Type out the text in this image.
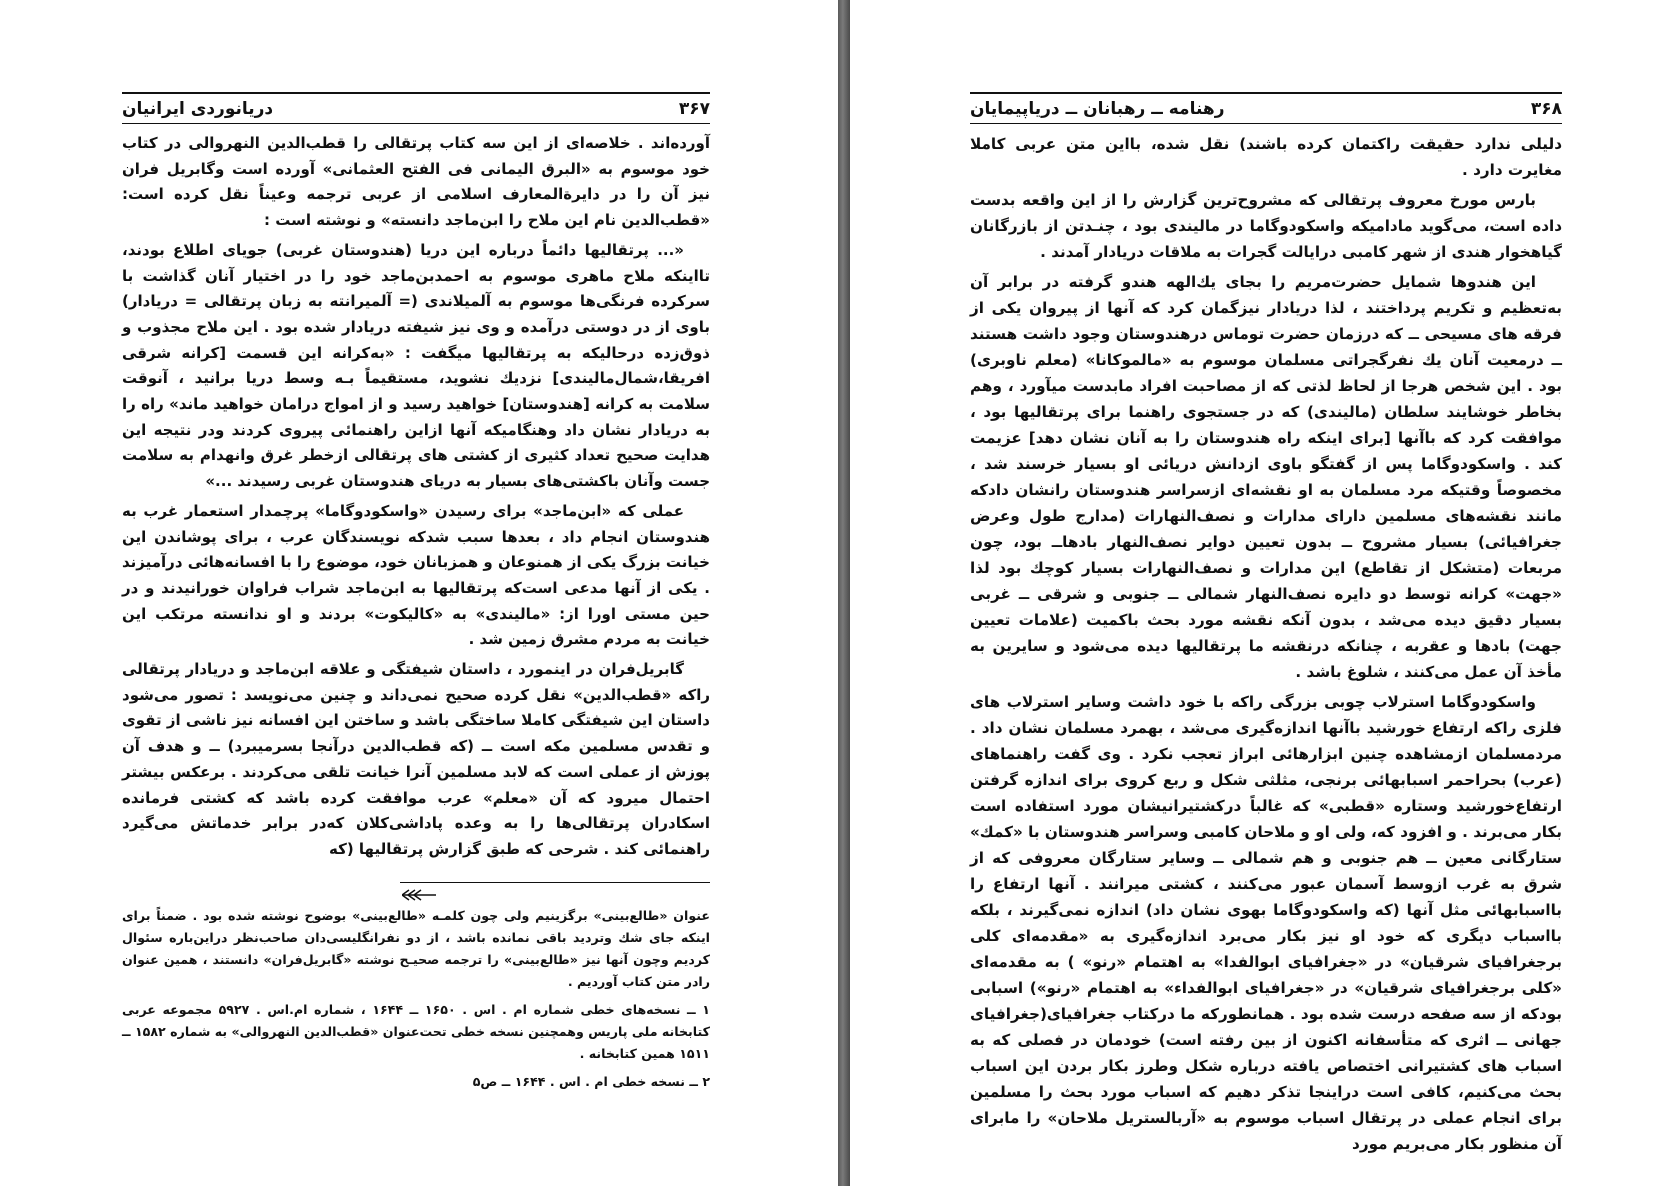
دریانوردی ایرانیان	۳۶۷

آورده‌اند . خلاصه‌ای از این سه کتاب پرتقالی را قطب‌الدین النهروالی در کتاب خود موسوم به «البرق الیمانی فی الفتح العثمانی» آورده است وگابریل فران نیز آن را در دایرةالمعارف اسلامی از عربی ترجمه وعیناً نقل کرده است: «قطب‌الدین نام این ملاح را ابن‌ماجد دانسته» و نوشته است :

«... پرتقالیها دائماً درباره این دریا (هندوستان غربی) جویای اطلاع بودند، تااینکه ملاح ماهری موسوم به احمدبن‌ماجد خود را در اختیار آنان گذاشت با سرکرده فرنگی‌ها موسوم به آلمیلاندی (= آلمیرانته به زبان پرتقالی = دریادار) باوی از در دوستی درآمده و وی نیز شیفته دریادار شده بود . این ملاح مجذوب و ذوق‌زده درحالیکه به پرتقالیها میگفت : «به‌کرانه این قسمت [کرانه شرقی افریقا،شمال‌مالیندی] نزدیك نشوید، مستقیماً بـه وسط دریا برانید ، آنوقت سلامت به کرانه [هندوستان] خواهید رسید و از امواج درامان خواهید ماند» راه را به دریادار نشان داد وهنگامیکه آنها ازاین راهنمائی پیروی کردند ودر نتیجه این هدایت صحیح تعداد کثیری از کشتی های پرتقالی ازخطر غرق وانهدام به سلامت جست وآنان باکشتی‌های بسیار به دریای هندوستان غربی رسیدند ...»

عملی که «ابن‌ماجد» برای رسیدن «واسکودوگاما» پرچمدار استعمار غرب به هندوستان انجام داد ، بعدها سبب شدکه نویسندگان عرب ، برای پوشاندن این خیانت بزرگ یکی از همنوعان و همزبانان خود، موضوع را با افسانه‌هائی درآمیزند . یکی از آنها مدعی است‌که پرتقالیها به ابن‌ماجد شراب فراوان خورانیدند و در حین مستی اورا از: «مالیندی» به «کالیکوت» بردند و او ندانسته مرتکب این خیانت به مردم مشرق زمین شد .

گابریل‌فران در اینمورد ، داستان شیفتگی و علاقه ابن‌ماجد و دریادار پرتقالی راکه «قطب‌الدین» نقل کرده صحیح نمی‌داند و چنین می‌نویسد : تصور می‌شود داستان این شیفتگی کاملا ساختگی باشد و ساختن این افسانه نیز ناشی از تقوی و تقدس مسلمین مکه است ــ (که قطب‌الدین درآنجا بسرمیبرد) ــ و هدف آن پوزش از عملی است که لابد مسلمین آنرا خیانت تلقی می‌کردند . برعکس بیشتر احتمال میرود که آن «معلم» عرب موافقت کرده باشد که کشتی فرمانده اسکادران پرتقالی‌ها را به وعده پاداشی‌کلان که‌در برابر خدماتش می‌گیرد راهنمائی کند . شرحی که طبق گزارش پرتقالیها (که

عنوان «طالع‌بینی» برگزینیم ولی چون کلمـه «طالع‌بینی» بوضوح نوشته شده بود . ضمناً برای اینکه جای شك وتردید باقی نمانده باشد ، از دو نفرانگلیسی‌دان صاحب‌نظر دراین‌باره سئوال کردیم وچون آنها نیز «طالع‌بینی» را ترجمه صحیـح نوشته «گابریل‌فران» دانستند ، همین عنوان رادر متن کتاب آوردیم .

۱ ــ نسخه‌های خطی شماره ام . اس . ۱۶۵۰ ــ ۱۶۴۴ ، شماره ام.اس . ۵۹۲۷ مجموعه عربی کتابخانه ملی پاریس وهمچنین نسخه خطی تحت‌عنوان «قطب‌الدین النهروالی» به شماره ۱۵۸۲ ــ ۱۵۱۱ همین کتابخانه .

۲ ــ نسخه خطی ام . اس . ۱۶۴۴ ــ ص۵

رهنامه ــ رهبانان ــ دریاپیمایان	۳۶۸

دلیلی ندارد حقیقت راکتمان کرده باشند) نقل شده، بااین متن عربی کاملا مغایرت دارد .

بارس مورخ معروف پرتقالی که مشروح‌ترین گزارش را از این واقعه بدست داده است، می‌گوید مادامیکه واسکودوگاما در مالیندی بود ، چنـدتن از بازرگانان گیاهخوار هندی از شهر کامبی درایالت گجرات به ملاقات دریادار آمدند .

این هندوها شمایل حضرت‌مریم را بجای یك‌الهه هندو گرفته در برابر آن به‌تعظیم و تکریم پرداختند ، لذا دریادار نیزگمان کرد که آنها از پیروان یکی از فرقه های مسیحی ــ که درزمان حضرت توماس درهندوستان وجود داشت هستند ــ درمعیت آنان یك نفرگجراتی مسلمان موسوم به «مالموکانا» (معلم ناوبری) بود . این شخص هرجا از لحاظ لذتی که از مصاحبت افراد مابدست میآورد ، وهم بخاطر خوشایند سلطان (مالیندی) که در جستجوی راهنما برای پرتقالیها بود ، موافقت کرد که باآنها [برای اینکه راه هندوستان را به آنان نشان دهد] عزیمت کند . واسکودوگاما پس از گفتگو باوی ازدانش دریائی او بسیار خرسند شد ، مخصوصاً وقتیکه مرد مسلمان به او نقشه‌ای ازسراسر هندوستان رانشان داد‌که مانند نقشه‌های مسلمین دارای مدارات و نصف‌النهارات (مدارج طول وعرض جغرافیائی) بسیار مشروح ــ بدون تعیین دوایر نصف‌النهار بادهاــ بود، چون مربعات (متشکل از تقاطع) این مدارات و نصف‌النهارات بسیار کوچك بود لذا «جهت» کرانه توسط دو دایره نصف‌النهار شمالی ــ جنوبی و شرقی ــ غربی بسیار دقیق دیده می‌شد ، بدون آنکه نقشه مورد بحث باکمیت (علامات تعیین جهت) بادها و عقربه ، چنانکه درنقشه ما پرتقالیها دیده می‌شود و سایرین به مأخذ آن عمل می‌کنند ، شلوغ باشد .

واسکودوگاما استرلاب چوبی بزرگی راکه با خود داشت وسایر استرلاب های فلزی راکه ارتفاع خورشید باآنها اندازه‌گیری می‌شد ، بهمرد مسلمان نشان داد . مردمسلمان ازمشاهده چنین ابزارهائی ابراز تعجب نکرد . وی گفت راهنماهای (عرب) بحراحمر اسبابهائی برنجی، مثلثی شکل و ربع کروی برای اندازه گرفتن ارتفاع‌خورشید وستاره «قطبی» که غالباً درکشتیرانیشان مورد استفاده است بکار می‌برند . و افزود که، ولی او و ملاحان کامبی وسراسر هندوستان با «کمك» ستارگانی معین ــ هم جنوبی و هم شمالی ــ وسایر ستارگان معروفی که از شرق به غرب ازوسط آسمان عبور می‌کنند ، کشتی میرانند . آنها ارتفاع را بااسبابهائی مثل آنها (که واسکودوگاما بهوی نشان داد) اندازه نمی‌گیرند ، بلکه بااسباب دیگری که خود او نیز بکار می‌برد اندازه‌گیری به «مقدمه‌ای کلی برجغرافیای شرقیان» در «جغرافیای ابوالفدا» به اهتمام «رنو» ) به مقدمه‌ای «کلی برجغرافیای شرقیان» در «جغرافیای ابوالفداء» به اهتمام «رنو») اسبابی بودکه از سه صفحه درست شده بود . همانطورکه ما درکتاب جغرافیای(جغرافیای جهانی ــ اثری که متأسفانه اکنون از بین رفته است) خودمان در فصلی که به اسباب های کشتیرانی اختصاص یافته درباره شکل وطرز بکار بردن این اسباب بحث می‌کنیم، کافی است دراینجا تذکر دهیم که اسباب مورد بحث را مسلمین برای انجام عملی در پرتقال اسباب موسوم به «آربالستریل ملاحان» را مابرای آن منظور بکار می‌بریم مورد
